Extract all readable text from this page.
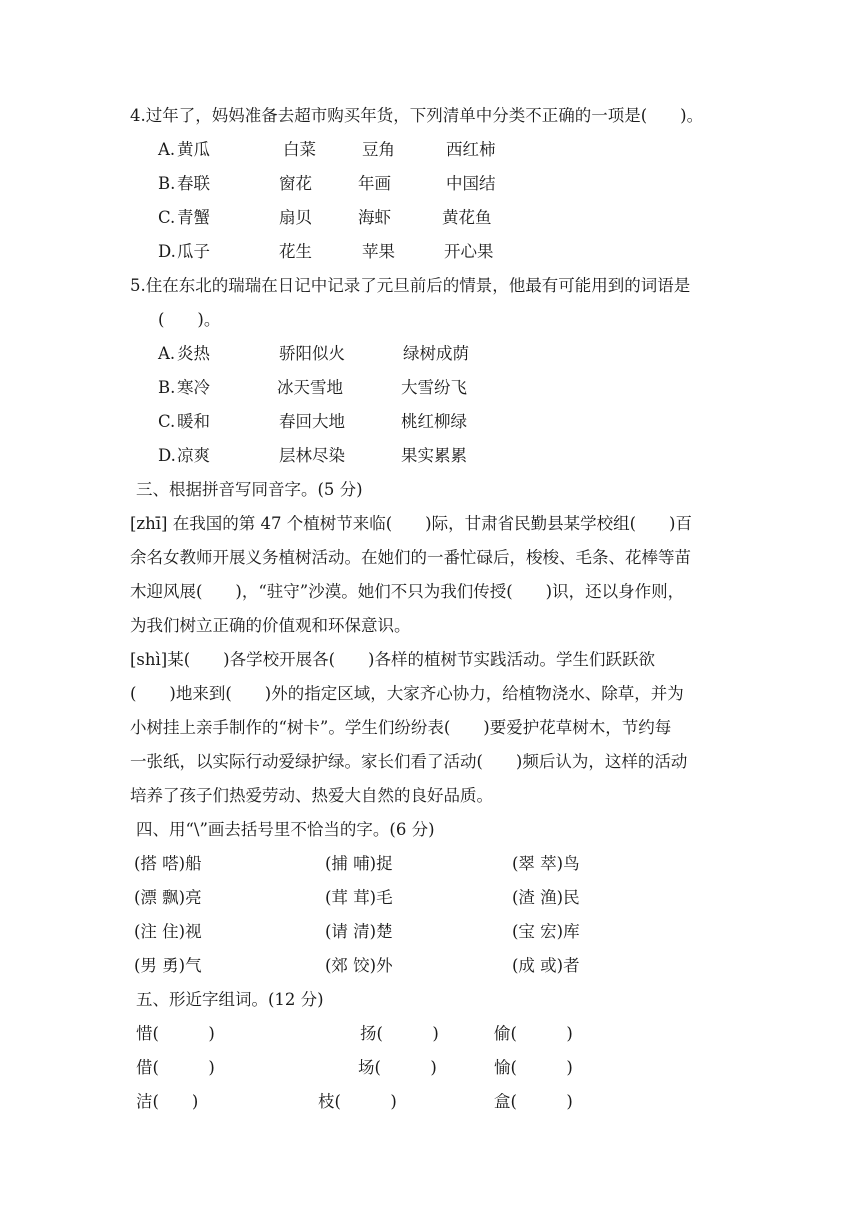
4.过年了，妈妈准备去超市购买年货，下列清单中分类不正确的一项是(　　)。
A. 黄瓜	白菜	豆角	西红柿
B. 春联	窗花	年画	中国结
C. 青蟹	扇贝	海虾	黄花鱼
D. 瓜子	花生	苹果	开心果
5.住在东北的瑞瑞在日记中记录了元旦前后的情景，他最有可能用到的词语是
(　　)。
A. 炎热	骄阳似火	绿树成荫
B. 寒冷	冰天雪地	大雪纷飞
C. 暖和	春回大地	桃红柳绿
D. 凉爽	层林尽染	果实累累
三、根据拼音写同音字。(5 分)
[zhī] 在我国的第 47 个植树节来临(　　)际，甘肃省民勤县某学校组(　　)百
余名女教师开展义务植树活动。在她们的一番忙碌后，梭梭、毛条、花棒等苗
木迎风展(　　)，“驻守”沙漠。她们不只为我们传授(　　)识，还以身作则，
为我们树立正确的价值观和环保意识。
[shì]某(　　)各学校开展各(　　)各样的植树节实践活动。学生们跃跃欲
(　　)地来到(　　)外的指定区域，大家齐心协力，给植物浇水、除草，并为
小树挂上亲手制作的“树卡”。学生们纷纷表(　　)要爱护花草树木，节约每
一张纸，以实际行动爱绿护绿。家长们看了活动(　　)频后认为，这样的活动
培养了孩子们热爱劳动、热爱大自然的良好品质。
四、用“\”画去括号里不恰当的字。(6 分)
(搭 嗒)船	(捕 哺)捉	(翠 萃)鸟
(漂 飘)亮	(茸 茸)毛	(渣 渔)民
(注 住)视	(请 清)楚	(宝 宏)库
(男 勇)气	(郊 饺)外	(成 或)者
五、形近字组词。(12 分)
惜(　　　)	扬(　　　)	偷(　　　)
借(　　　)	场(　　　)	愉(　　　)
洁(　　)	枝(　　　)	盒(　　　)
